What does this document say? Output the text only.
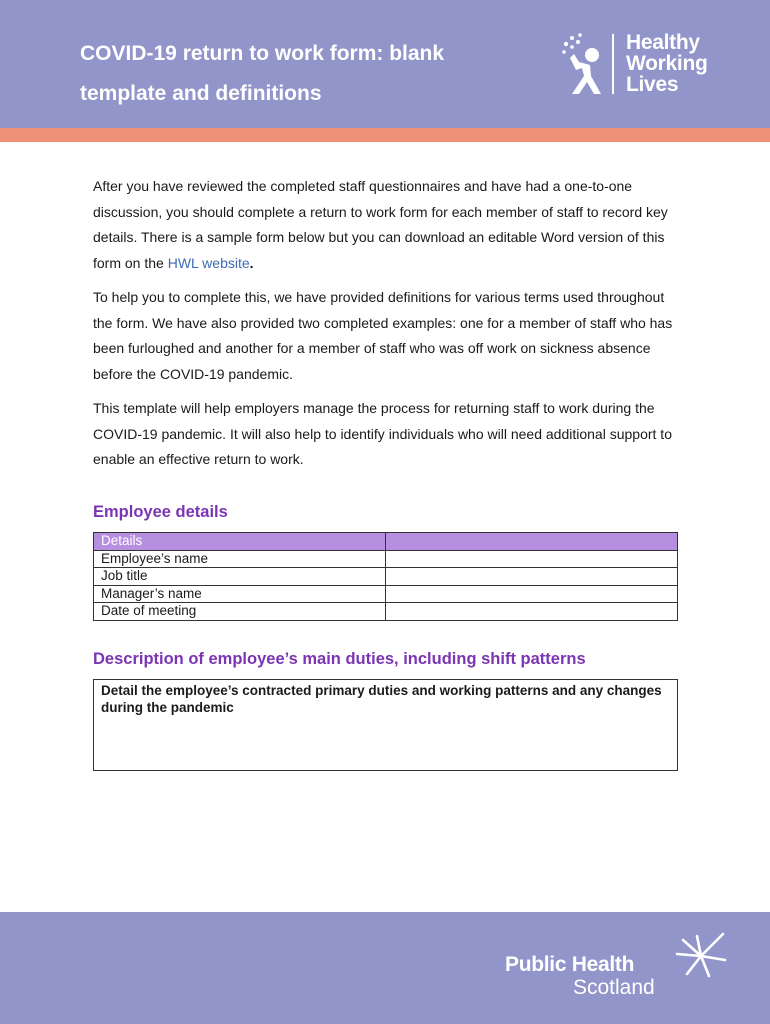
COVID-19 return to work form: blank
template and definitions
Healthy
Working
Lives

After you have reviewed the completed staff questionnaires and have had a one-to-one discussion, you should complete a return to work form for each member of staff to record key details. There is a sample form below but you can download an editable Word version of this form on the HWL website.

To help you to complete this, we have provided definitions for various terms used throughout the form. We have also provided two completed examples: one for a member of staff who has been furloughed and another for a member of staff who was off work on sickness absence before the COVID-19 pandemic.

This template will help employers manage the process for returning staff to work during the COVID-19 pandemic. It will also help to identify individuals who will need additional support to enable an effective return to work.

Employee details
Details	
Employee’s name	
Job title	
Manager’s name	
Date of meeting	
Description of employee’s main duties, including shift patterns
Detail the employee’s contracted primary duties and working patterns and any changes during the pandemic
Public Health
Scotland
